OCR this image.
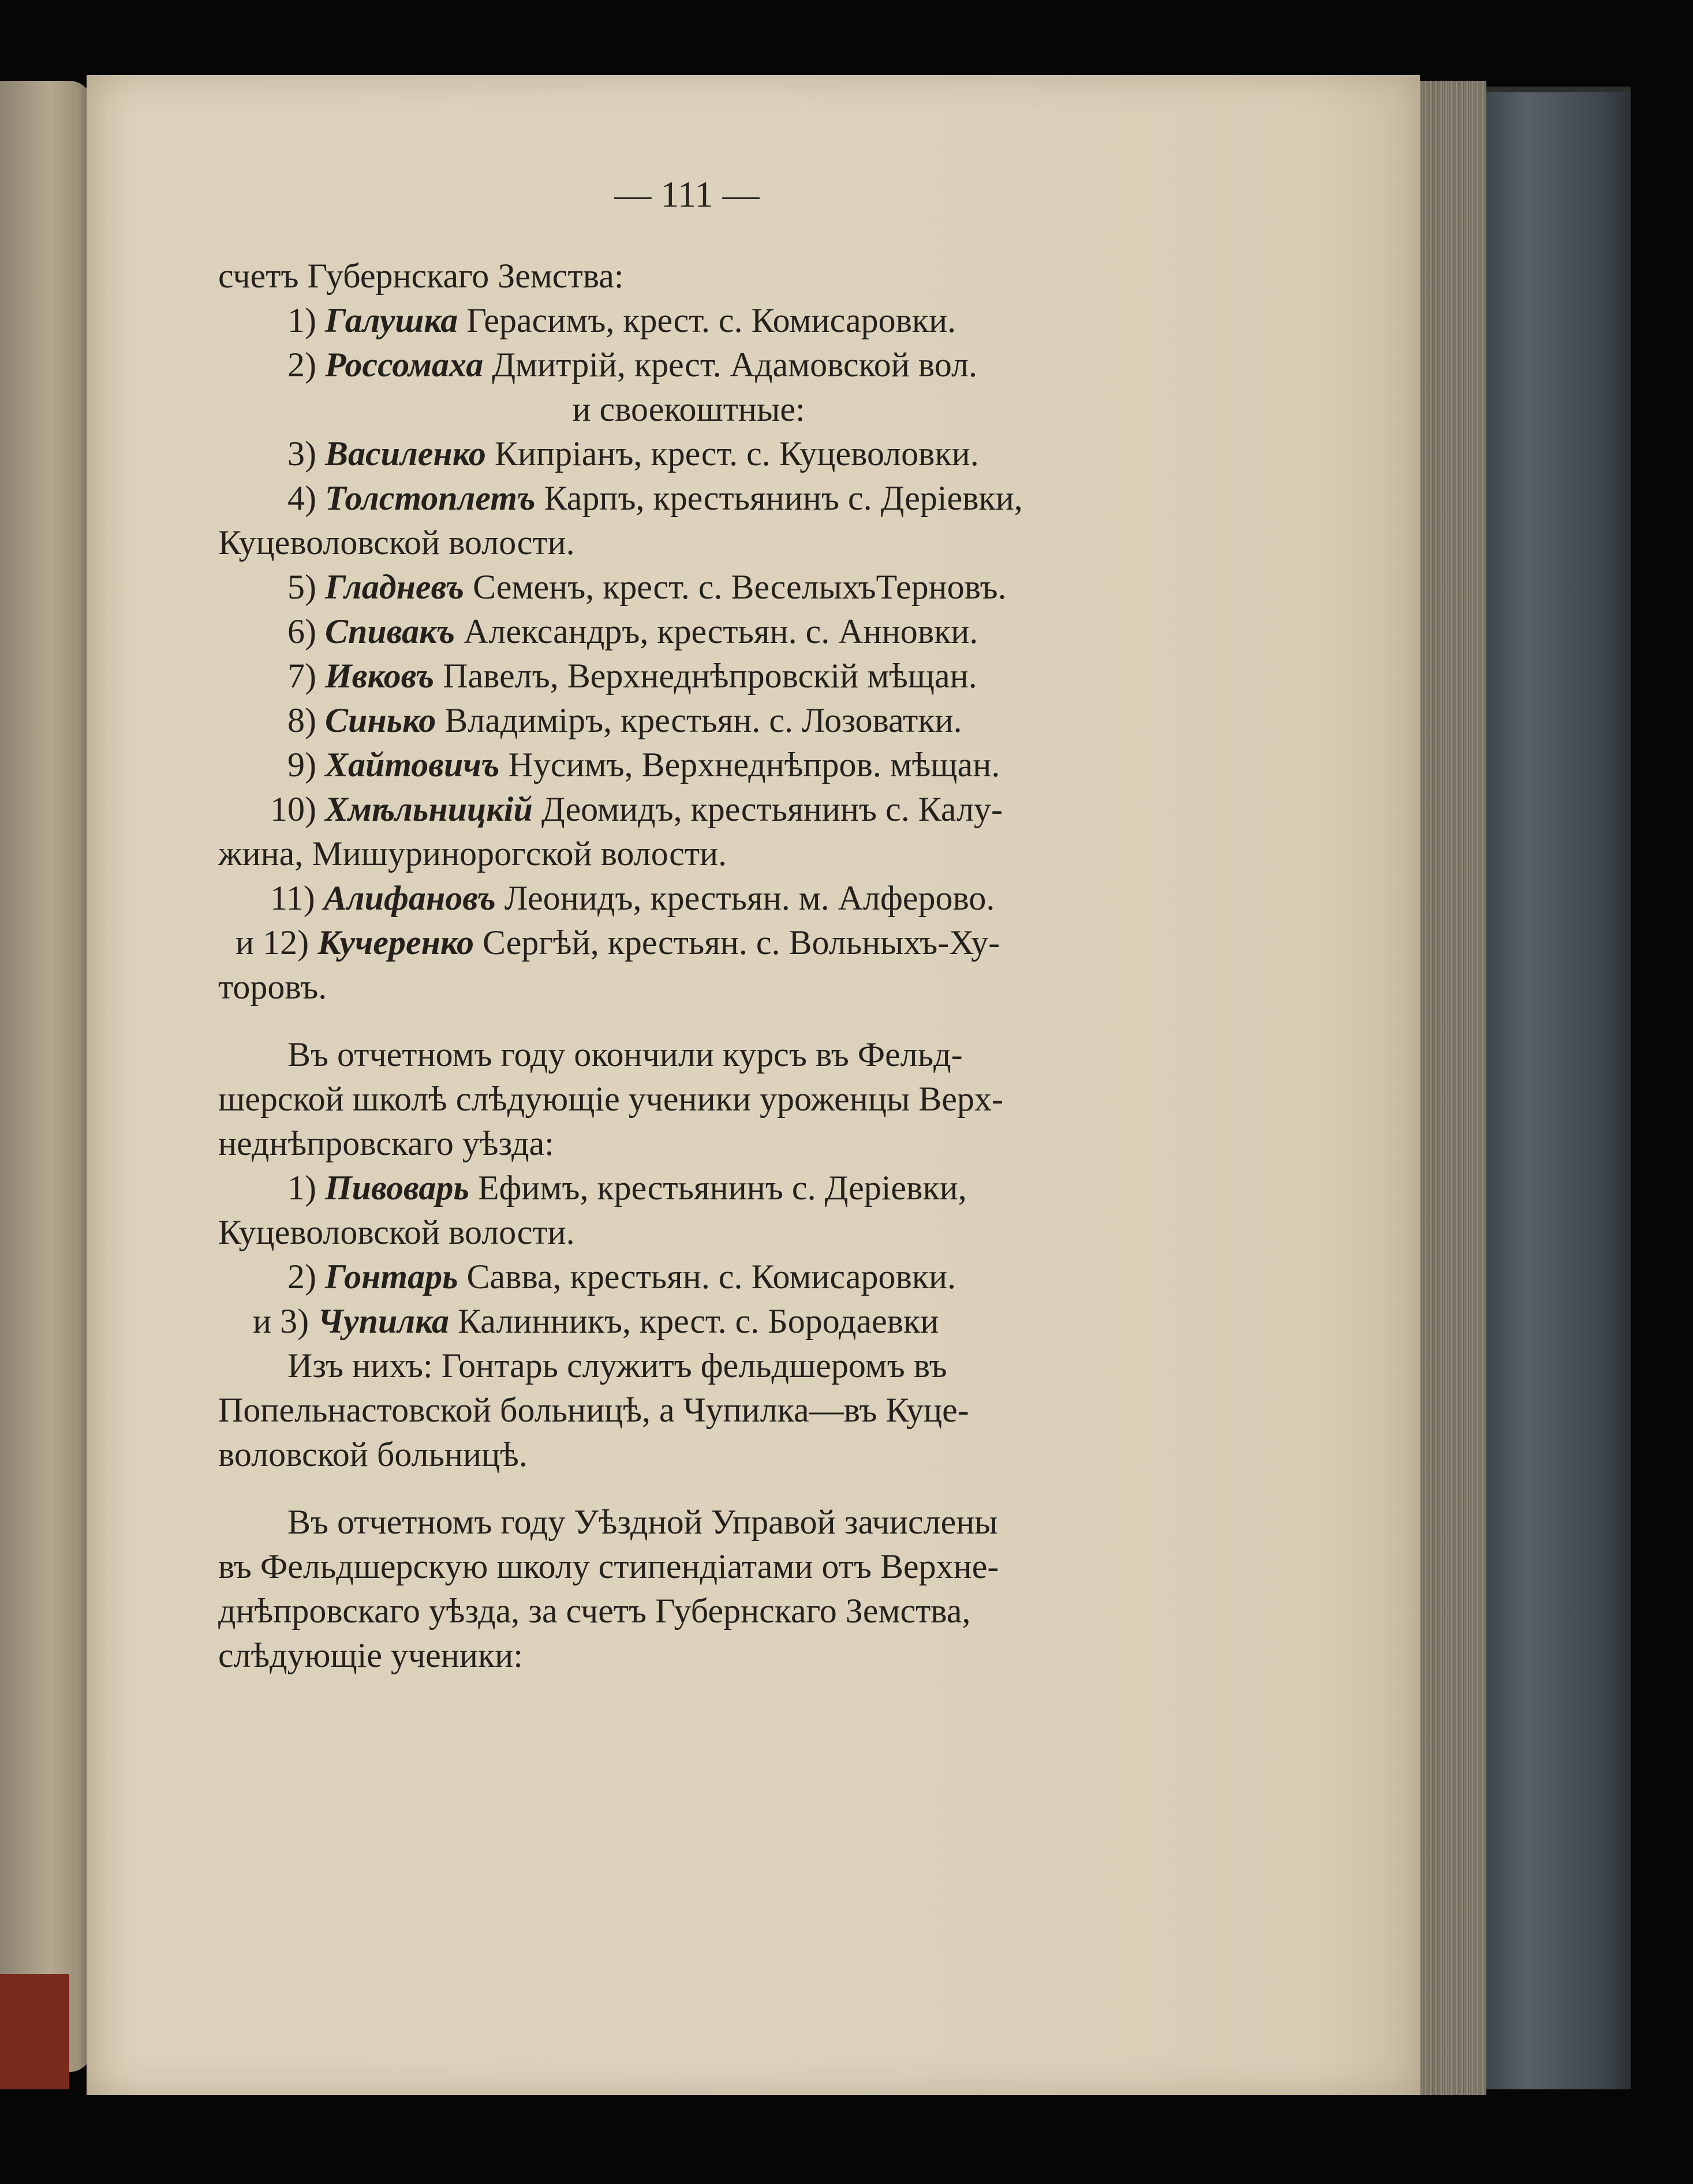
— 111 —
счетъ Губернскаго Земства:
1) Галушка Герасимъ, крест. с. Комисаровки.
2) Россомаха Дмитрій, крест. Адамовской вол.
и своекоштные:
3) Василенко Кипріанъ, крест. с. Куцеволовки.
4) Толстоплетъ Карпъ, крестьянинъ с. Деріевки,
Куцеволовской волости.
5) Гладневъ Семенъ, крест. с. ВеселыхъТерновъ.
6) Спивакъ Александръ, крестьян. с. Анновки.
7) Ивковъ Павелъ, Верхнеднѣпровскій мѣщан.
8) Синько Владиміръ, крестьян. с. Лозоватки.
9) Хайтовичъ Нусимъ, Верхнеднѣпров. мѣщан.
10) Хмѣльницкій Деомидъ, крестьянинъ с. Калу-
жина, Мишуринорогской волости.
11) Алифановъ Леонидъ, крестьян. м. Алферово.
и 12) Кучеренко Сергѣй, крестьян. с. Вольныхъ-Ху-
торовъ.
Въ отчетномъ году окончили курсъ въ Фельд-
шерской школѣ слѣдующіе ученики уроженцы Верх-
неднѣпровскаго уѣзда:
1) Пивоварь Ефимъ, крестьянинъ с. Деріевки,
Куцеволовской волости.
2) Гонтарь Савва, крестьян. с. Комисаровки.
и 3) Чупилка Калинникъ, крест. с. Бородаевки
Изъ нихъ: Гонтарь служитъ фельдшеромъ въ
Попельнастовской больницѣ, а Чупилка—въ Куце-
воловской больницѣ.
Въ отчетномъ году Уѣздной Управой зачислены
въ Фельдшерскую школу стипендіатами отъ Верхне-
днѣпровскаго уѣзда, за счетъ Губернскаго Земства,
слѣдующіе ученики:
